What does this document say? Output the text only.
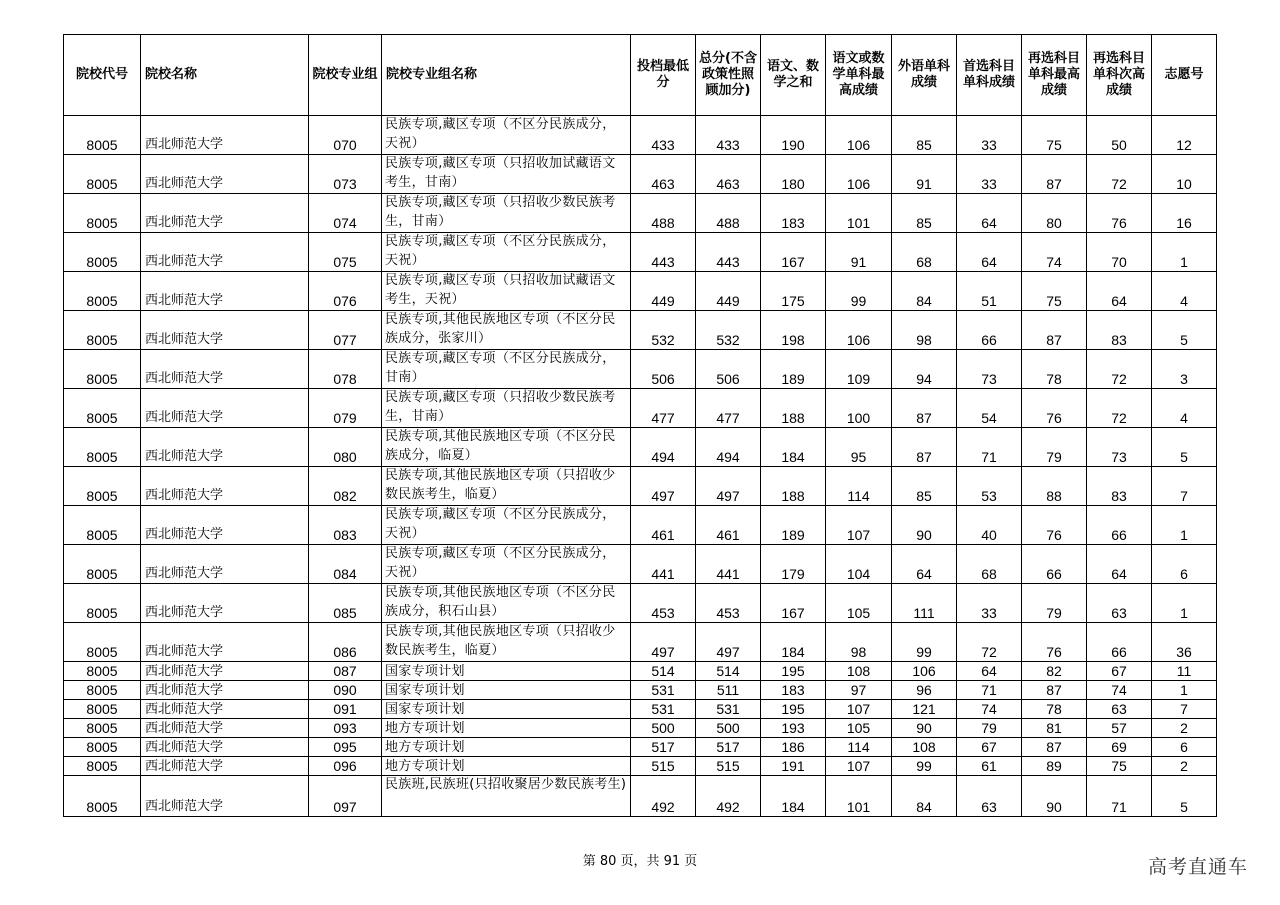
院校代号	院校名称	院校专业组	院校专业组名称	投档最低分	总分(不含政策性照顾加分)	语文、数学之和	语文或数学单科最高成绩	外语单科成绩	首选科目单科成绩	再选科目单科最高成绩	再选科目单科次高成绩	志愿号
8005	西北师范大学	070	民族专项,藏区专项（不区分民族成分，天祝）	433	433	190	106	85	33	75	50	12
8005	西北师范大学	073	民族专项,藏区专项（只招收加试藏语文考生，甘南）	463	463	180	106	91	33	87	72	10
8005	西北师范大学	074	民族专项,藏区专项（只招收少数民族考生，甘南）	488	488	183	101	85	64	80	76	16
8005	西北师范大学	075	民族专项,藏区专项（不区分民族成分，天祝）	443	443	167	91	68	64	74	70	1
8005	西北师范大学	076	民族专项,藏区专项（只招收加试藏语文考生，天祝）	449	449	175	99	84	51	75	64	4
8005	西北师范大学	077	民族专项,其他民族地区专项（不区分民族成分，张家川）	532	532	198	106	98	66	87	83	5
8005	西北师范大学	078	民族专项,藏区专项（不区分民族成分，甘南）	506	506	189	109	94	73	78	72	3
8005	西北师范大学	079	民族专项,藏区专项（只招收少数民族考生，甘南）	477	477	188	100	87	54	76	72	4
8005	西北师范大学	080	民族专项,其他民族地区专项（不区分民族成分，临夏）	494	494	184	95	87	71	79	73	5
8005	西北师范大学	082	民族专项,其他民族地区专项（只招收少数民族考生，临夏）	497	497	188	114	85	53	88	83	7
8005	西北师范大学	083	民族专项,藏区专项（不区分民族成分，天祝）	461	461	189	107	90	40	76	66	1
8005	西北师范大学	084	民族专项,藏区专项（不区分民族成分，天祝）	441	441	179	104	64	68	66	64	6
8005	西北师范大学	085	民族专项,其他民族地区专项（不区分民族成分，积石山县）	453	453	167	105	111	33	79	63	1
8005	西北师范大学	086	民族专项,其他民族地区专项（只招收少数民族考生，临夏）	497	497	184	98	99	72	76	66	36
8005	西北师范大学	087	国家专项计划	514	514	195	108	106	64	82	67	11
8005	西北师范大学	090	国家专项计划	531	511	183	97	96	71	87	74	1
8005	西北师范大学	091	国家专项计划	531	531	195	107	121	74	78	63	7
8005	西北师范大学	093	地方专项计划	500	500	193	105	90	79	81	57	2
8005	西北师范大学	095	地方专项计划	517	517	186	114	108	67	87	69	6
8005	西北师范大学	096	地方专项计划	515	515	191	107	99	61	89	75	2
8005	西北师范大学	097	民族班,民族班(只招收聚居少数民族考生)	492	492	184	101	84	63	90	71	5
第 80 页，共 91 页	高考直通车
